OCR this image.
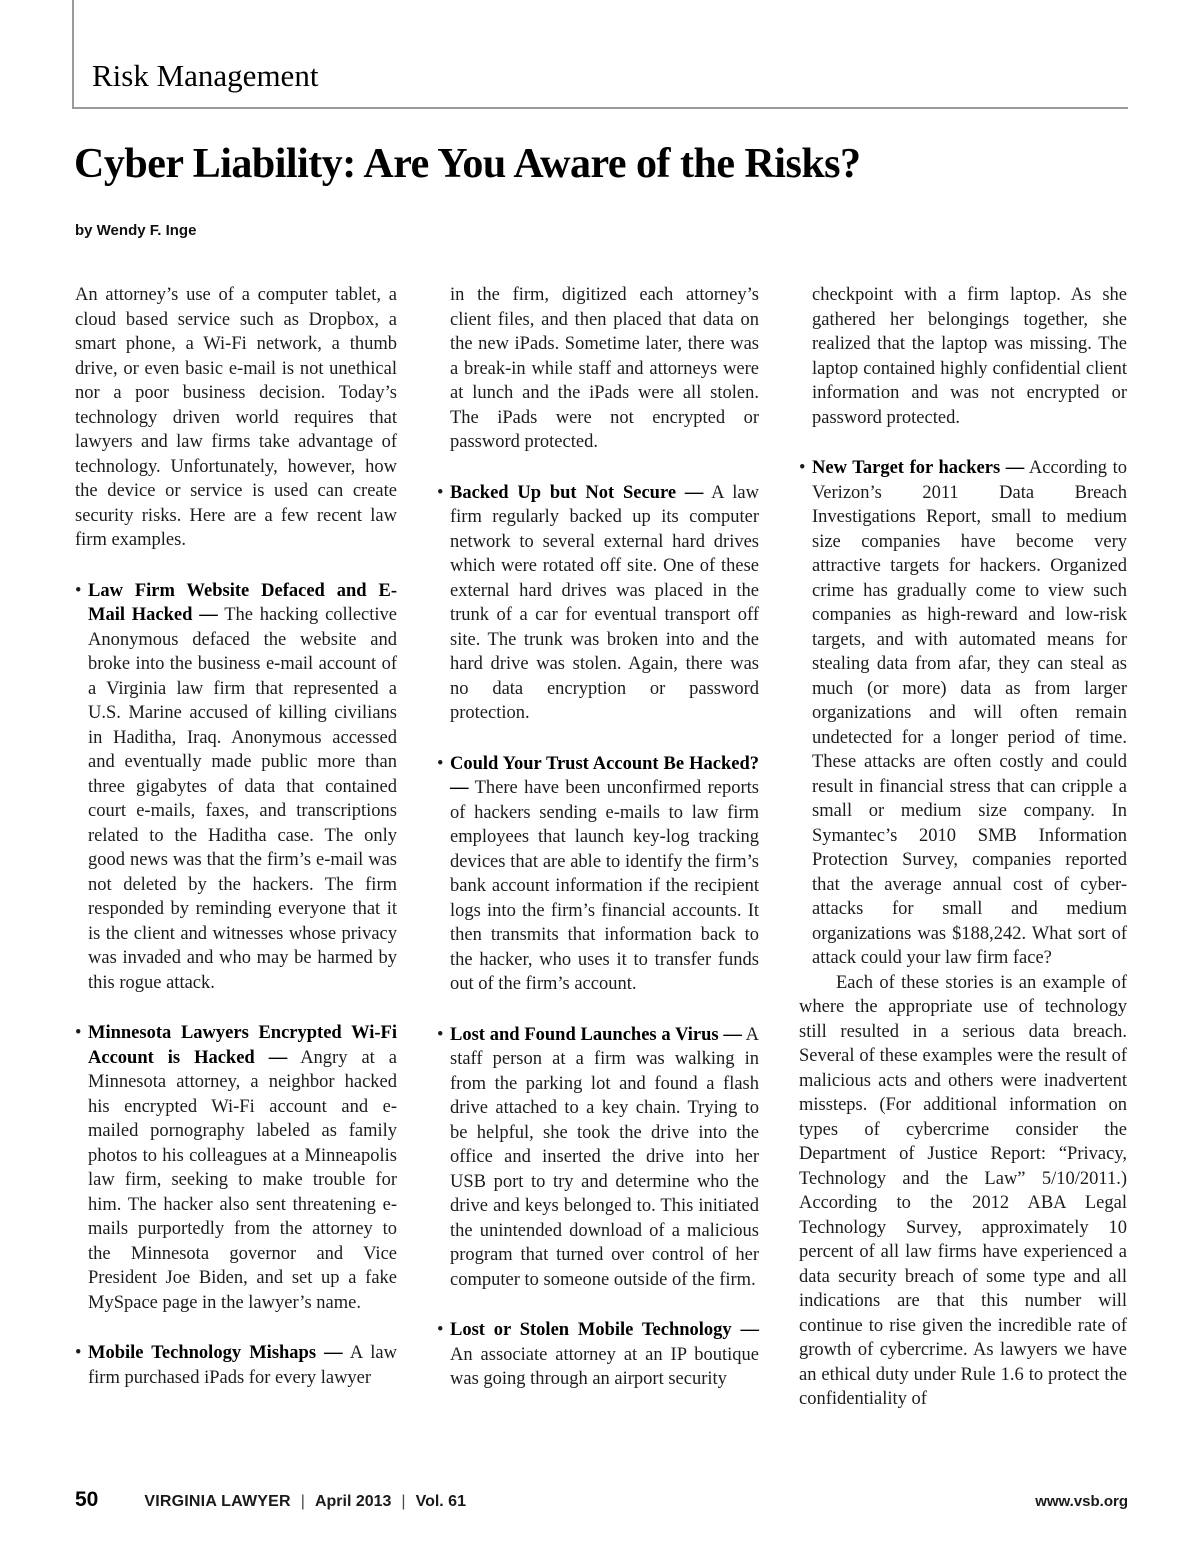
Risk Management
Cyber Liability: Are You Aware of the Risks?
by Wendy F. Inge

An attorney’s use of a computer tablet, a cloud based service such as Dropbox, a smart phone, a Wi-Fi network, a thumb drive, or even basic e-mail is not unethical nor a poor business decision. Today’s technology driven world requires that lawyers and law firms take advantage of technology. Unfortunately, however, how the device or service is used can create security risks. Here are a few recent law firm examples.

• Law Firm Website Defaced and E-Mail Hacked — The hacking collective Anonymous defaced the website and broke into the business e-mail account of a Virginia law firm that represented a U.S. Marine accused of killing civilians in Haditha, Iraq. Anonymous accessed and eventually made public more than three gigabytes of data that contained court e-mails, faxes, and transcriptions related to the Haditha case. The only good news was that the firm’s e-mail was not deleted by the hackers. The firm responded by reminding everyone that it is the client and witnesses whose privacy was invaded and who may be harmed by this rogue attack.
• Minnesota Lawyers Encrypted Wi-Fi Account is Hacked — Angry at a Minnesota attorney, a neighbor hacked his encrypted Wi-Fi account and e-mailed pornography labeled as family photos to his colleagues at a Minneapolis law firm, seeking to make trouble for him. The hacker also sent threatening e-mails purportedly from the attorney to the Minnesota governor and Vice President Joe Biden, and set up a fake MySpace page in the lawyer’s name.
• Mobile Technology Mishaps — A law firm purchased iPads for every lawyer

in the firm, digitized each attorney’s client files, and then placed that data on the new iPads. Sometime later, there was a break-in while staff and attorneys were at lunch and the iPads were all stolen. The iPads were not encrypted or password protected.

• Backed Up but Not Secure — A law firm regularly backed up its computer network to several external hard drives which were rotated off site. One of these external hard drives was placed in the trunk of a car for eventual transport off site. The trunk was broken into and the hard drive was stolen. Again, there was no data encryption or password protection.
• Could Your Trust Account Be Hacked? — There have been unconfirmed reports of hackers sending e-mails to law firm employees that launch key-log tracking devices that are able to identify the firm’s bank account information if the recipient logs into the firm’s financial accounts. It then transmits that information back to the hacker, who uses it to transfer funds out of the firm’s account.
• Lost and Found Launches a Virus — A staff person at a firm was walking in from the parking lot and found a flash drive attached to a key chain. Trying to be helpful, she took the drive into the office and inserted the drive into her USB port to try and determine who the drive and keys belonged to. This initiated the unintended download of a malicious program that turned over control of her computer to someone outside of the firm.
• Lost or Stolen Mobile Technology — An associate attorney at an IP boutique was going through an airport security

checkpoint with a firm laptop. As she gathered her belongings together, she realized that the laptop was missing. The laptop contained highly confidential client information and was not encrypted or password protected.

• New Target for hackers — According to Verizon’s 2011 Data Breach Investigations Report, small to medium size companies have become very attractive targets for hackers. Organized crime has gradually come to view such companies as high-reward and low-risk targets, and with automated means for stealing data from afar, they can steal as much (or more) data as from larger organizations and will often remain undetected for a longer period of time. These attacks are often costly and could result in financial stress that can cripple a small or medium size company. In Symantec’s 2010 SMB Information Protection Survey, companies reported that the average annual cost of cyber-attacks for small and medium organizations was $188,242. What sort of attack could your law firm face?

Each of these stories is an example of where the appropriate use of technology still resulted in a serious data breach. Several of these examples were the result of malicious acts and others were inadvertent missteps. (For additional information on types of cybercrime consider the Department of Justice Report: “Privacy, Technology and the Law” 5/10/2011.) According to the 2012 ABA Legal Technology Survey, approximately 10 percent of all law firms have experienced a data security breach of some type and all indications are that this number will continue to rise given the incredible rate of growth of cybercrime. As lawyers we have an ethical duty under Rule 1.6 to protect the confidentiality of

50	VIRGINIA LAWYER | April 2013 | Vol. 61	www.vsb.org
